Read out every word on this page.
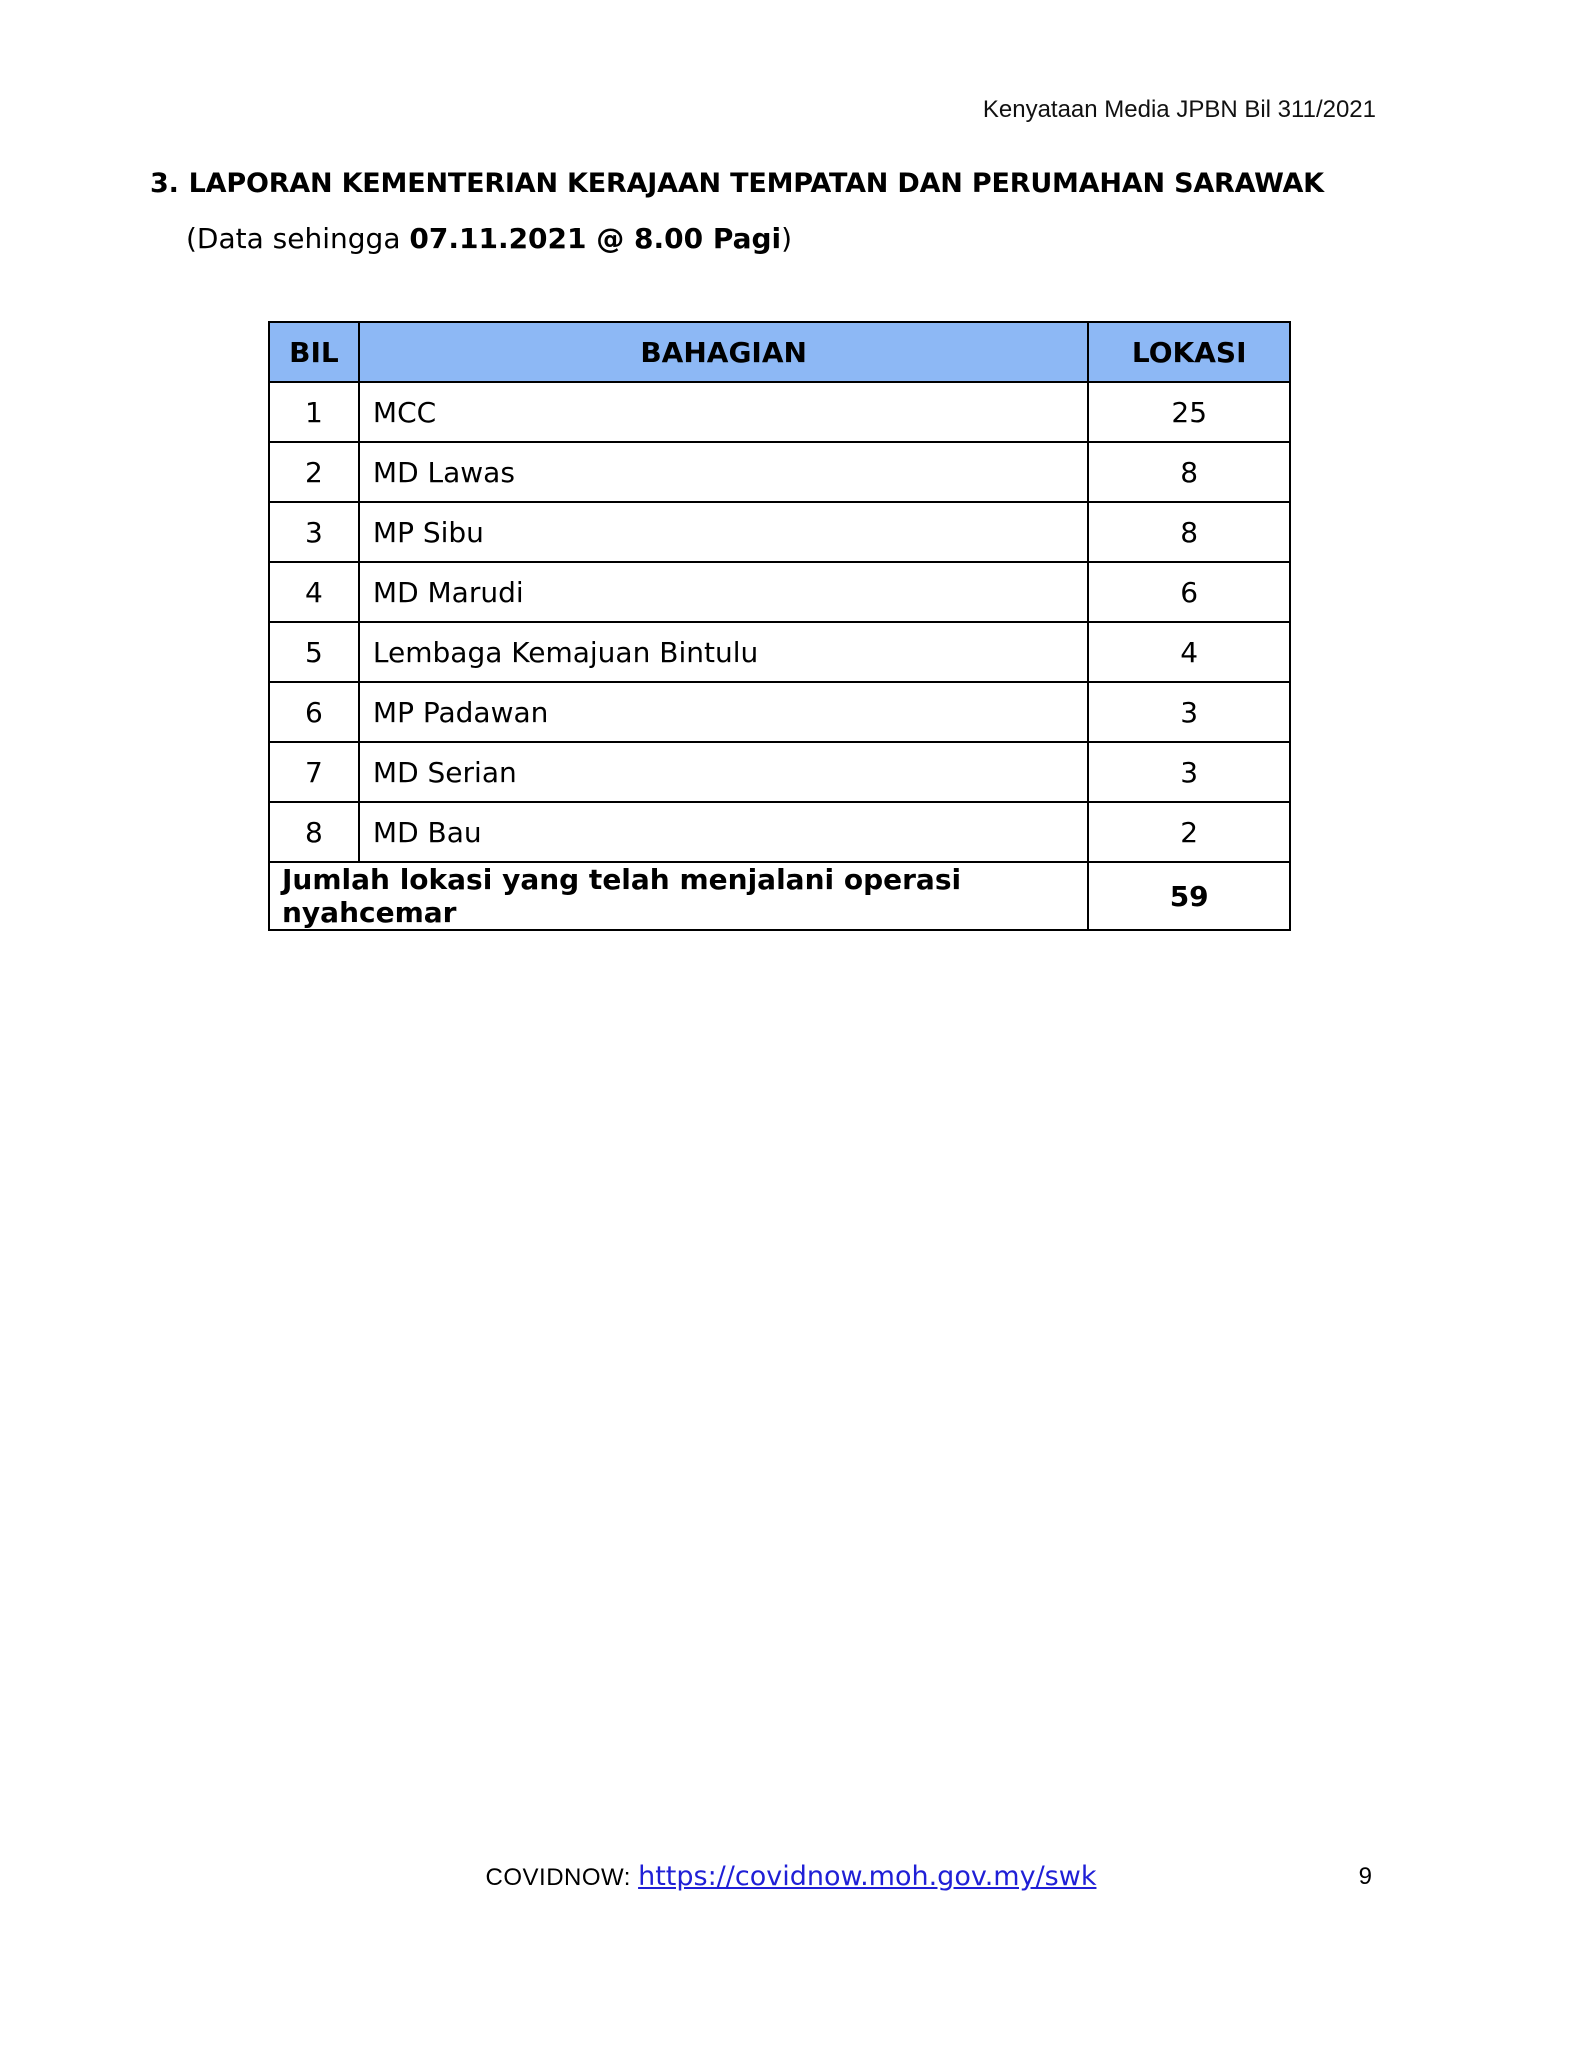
Kenyataan Media JPBN Bil 311/2021
3. LAPORAN KEMENTERIAN KERAJAAN TEMPATAN DAN PERUMAHAN SARAWAK
(Data sehingga 07.11.2021 @ 8.00 Pagi)
BIL	BAHAGIAN	LOKASI
1	MCC	25
2	MD Lawas	8
3	MP Sibu	8
4	MD Marudi	6
5	Lembaga Kemajuan Bintulu	4
6	MP Padawan	3
7	MD Serian	3
8	MD Bau	2
Jumlah lokasi yang telah menjalani operasi nyahcemar		59
COVIDNOW: https://covidnow.moh.gov.my/swk	9
